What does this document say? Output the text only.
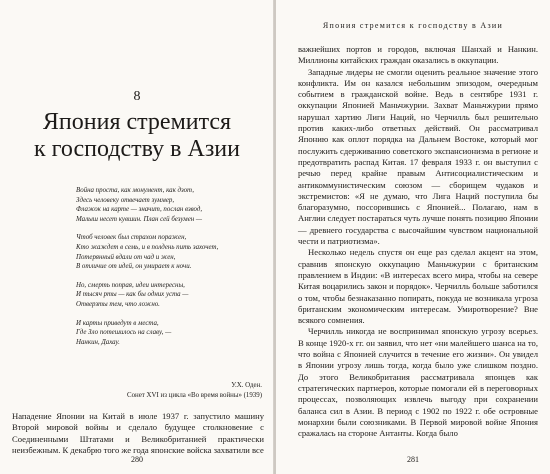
8
Япония стремится
к господству в Азии
Война проста, как монумент, как дзот,
Здесь человеку отвечает зуммер,
Флажок на карте — значит, послан взвод,
Малыш несет кувшин. План сей безумен —
Чтоб человек был страхом поражен,
Кто жаждет в семь, и в полдень пить захочет,
Потерянный вдали от чад и жен,
В отличие от идей, он умирает к ночи.
Но, смерть попрая, идеи интересны,
И тысяч рты — как бы одних уста —
Отверзты тем, что ложно.
И карты приведут в места,
Где Зло потешилось на славу, —
Нанкин, Дахау.
У.Х. Оден.
Сонет XVI из цикла «Во время войны» (1939)

Нападение Японии на Китай в июле 1937 г. запустило машину Второй мировой войны и сделало будущее столкновение с Соединенными Штатами и Великобританией практически неизбежным. К декабрю того же года японские войска захватили все

280
Япония стремится к господству в Азии

важнейших портов и городов, включая Шанхай и Нанкин. Миллионы китайских граждан оказались в оккупации.

Западные лидеры не смогли оценить реальное значение этого конфликта. Им он казался небольшим эпизодом, очередным событием в гражданской войне. Ведь в сентябре 1931 г. оккупации Японией Маньчжурии. Захват Маньчжурии прямо нарушал хартию Лиги Наций, но Черчилль был решительно против каких-либо ответных действий. Он рассматривал Японию как оплот порядка на Дальнем Востоке, который мог послужить сдерживанию советского экспансионизма в регионе и предотвратить распад Китая. 17 февраля 1933 г. он выступил с речью перед крайне правым Антисоциалистическим и антикоммунистическим союзом — сборищем чудаков и экстремистов: «Я не думаю, что Лига Наций поступила бы благоразумно, поссорившись с Японией... Полагаю, нам в Англии следует постараться чуть лучше понять позицию Японии — древнего государства с высочайшим чувством национальной чести и патриотизма».

Несколько недель спустя он еще раз сделал акцент на этом, сравнив японскую оккупацию Маньчжурии с британским правлением в Индии: «В интересах всего мира, чтобы на севере Китая воцарились закон и порядок». Черчилль больше заботился о том, чтобы безнаказанно попирать, покуда не возникала угроза британским экономическим интересам. Умиротворение? Вне всякого сомнения.

Черчилль никогда не воспринимал японскую угрозу всерьез. В конце 1920-х гг. он заявил, что нет «ни малейшего шанса на то, что война с Японией случится в течение его жизни». Он увидел в Японии угрозу лишь тогда, когда было уже слишком поздно. До этого Великобритания рассматривала японцев как стратегических партнеров, которые помогали ей в переговорных процессах, позволяющих извлечь выгоду при сохранении баланса сил в Азии. В период с 1902 по 1922 г. обе островные монархии были союзниками. В Первой мировой войне Япония сражалась на стороне Антанты. Когда было

281
